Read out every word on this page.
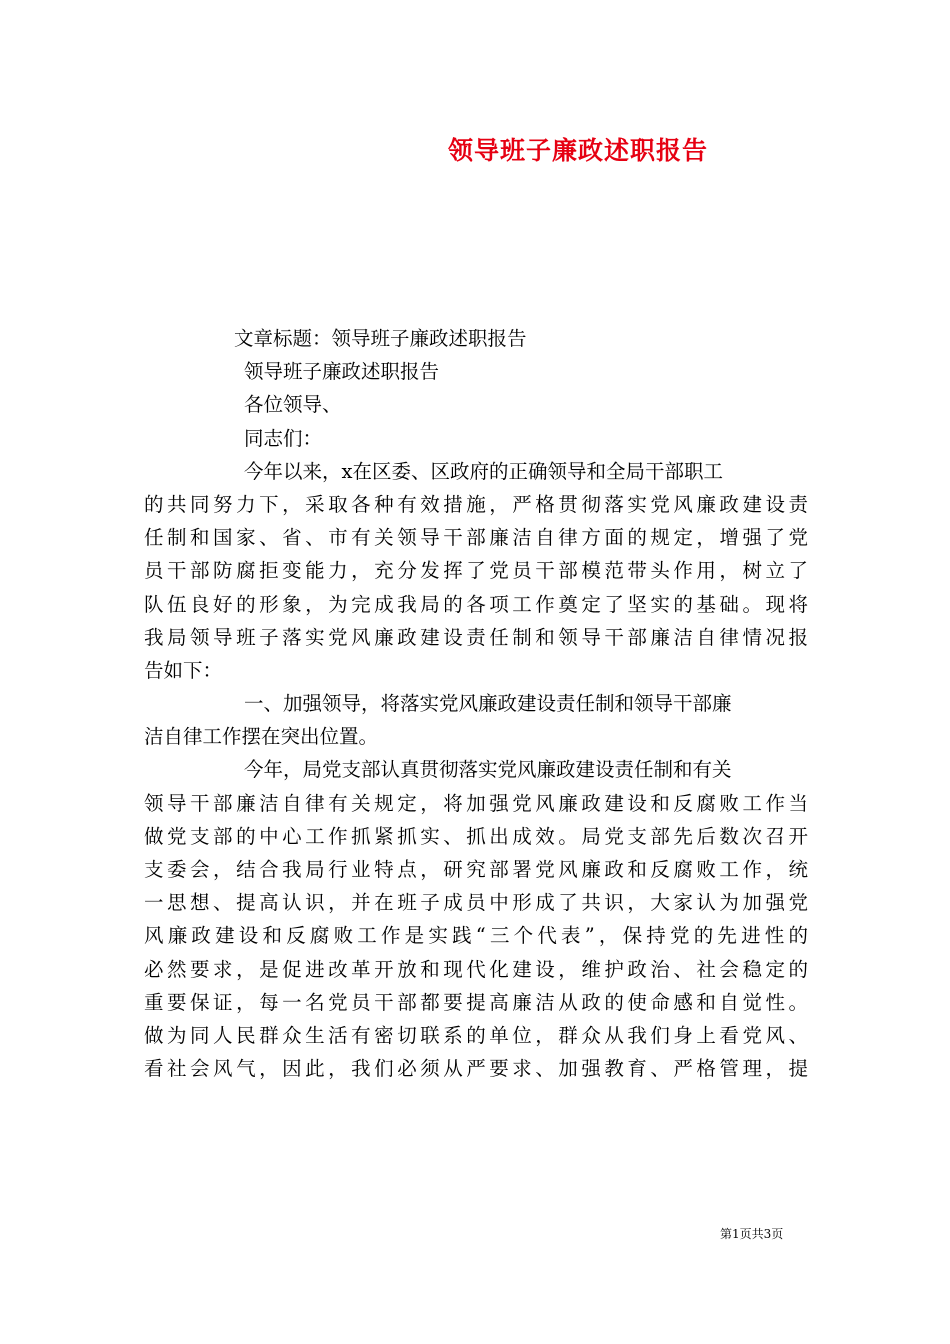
领导班子廉政述职报告
文章标题：领导班子廉政述职报告
领导班子廉政述职报告
各位领导、
同志们：
今年以来，x在区委、区政府的正确领导和全局干部职工
的共同努力下，采取各种有效措施，严格贯彻落实党风廉政建设责
任制和国家、省、市有关领导干部廉洁自律方面的规定，增强了党
员干部防腐拒变能力，充分发挥了党员干部模范带头作用，树立了
队伍良好的形象，为完成我局的各项工作奠定了坚实的基础。现将
我局领导班子落实党风廉政建设责任制和领导干部廉洁自律情况报
告如下：
一、加强领导，将落实党风廉政建设责任制和领导干部廉
洁自律工作摆在突出位置。
今年，局党支部认真贯彻落实党风廉政建设责任制和有关
领导干部廉洁自律有关规定，将加强党风廉政建设和反腐败工作当
做党支部的中心工作抓紧抓实、抓出成效。局党支部先后数次召开
支委会，结合我局行业特点，研究部署党风廉政和反腐败工作，统
一思想、提高认识，并在班子成员中形成了共识，大家认为加强党
风廉政建设和反腐败工作是实践“三个代表”，保持党的先进性的
必然要求，是促进改革开放和现代化建设，维护政治、社会稳定的
重要保证，每一名党员干部都要提高廉洁从政的使命感和自觉性。
做为同人民群众生活有密切联系的单位，群众从我们身上看党风、
看社会风气，因此，我们必须从严要求、加强教育、严格管理，提
第1页共3页
